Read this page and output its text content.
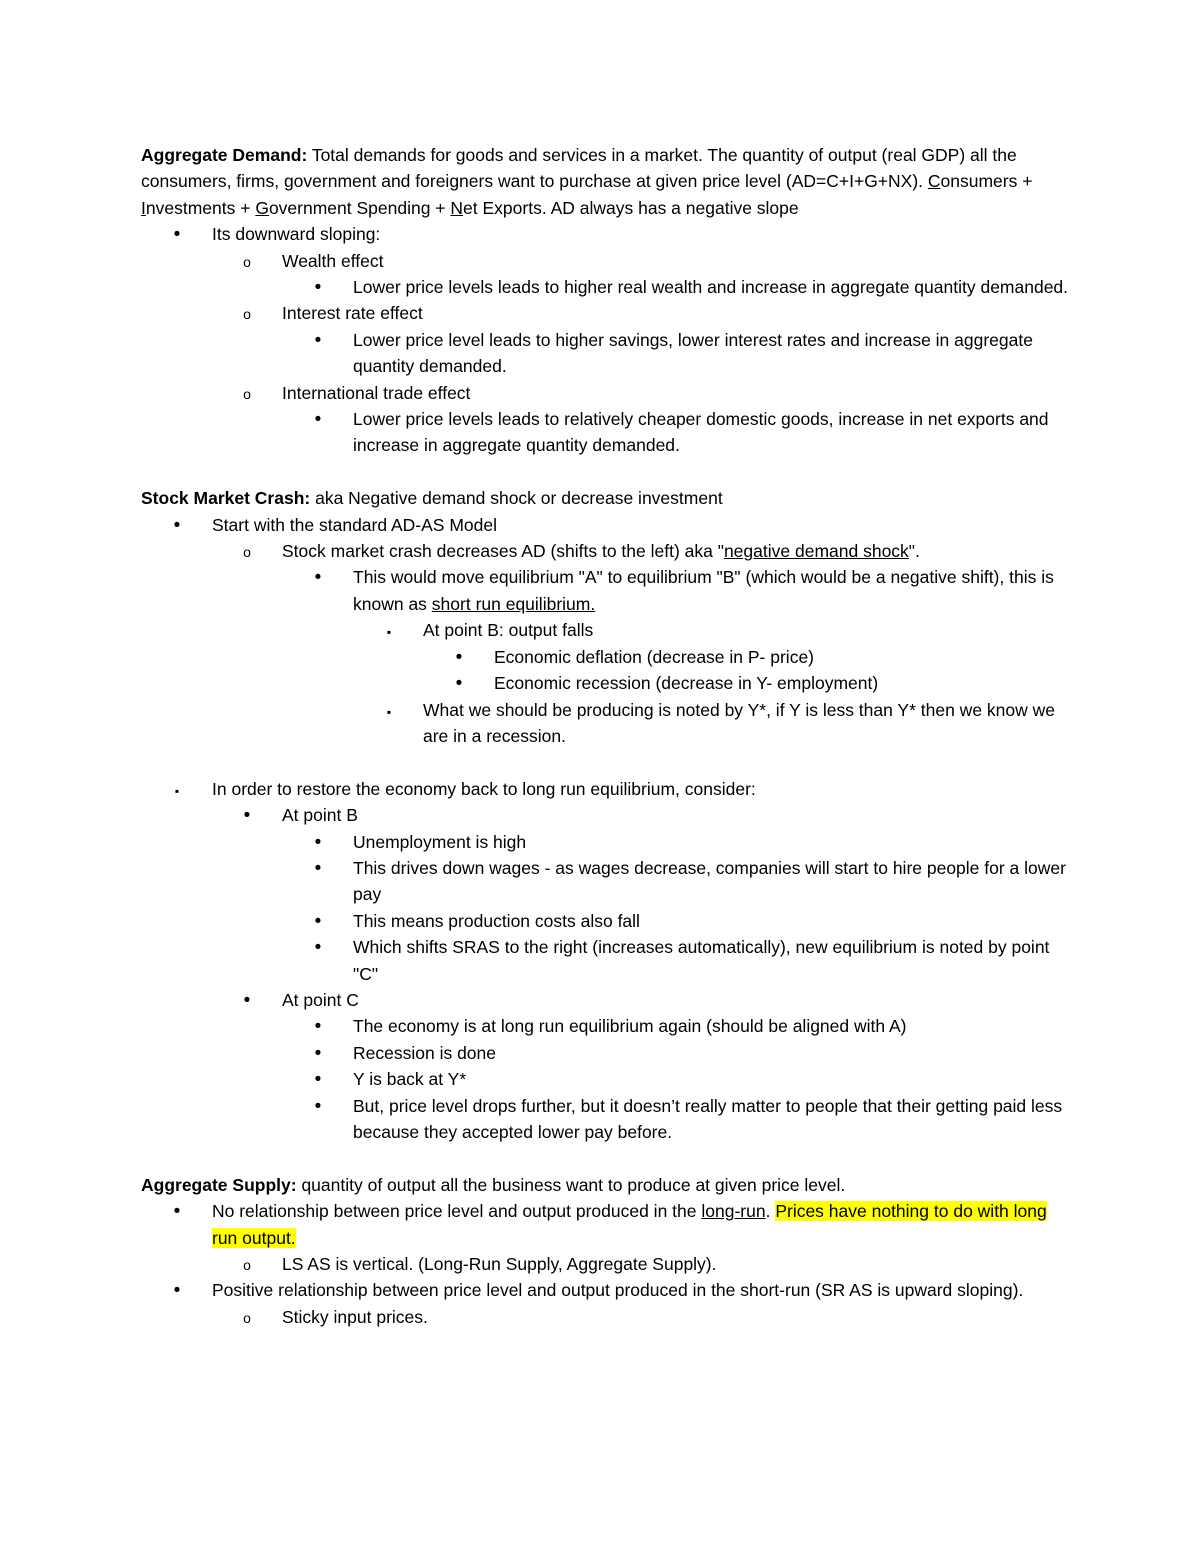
Aggregate Demand: Total demands for goods and services in a market. The quantity of output (real GDP) all the consumers, firms, government and foreigners want to purchase at given price level (AD=C+I+G+NX). Consumers + Investments + Government Spending + Net Exports. AD always has a negative slope

•
Its downward sloping:
o
Wealth effect
•
Lower price levels leads to higher real wealth and increase in aggregate quantity demanded.
o
Interest rate effect
•
Lower price level leads to higher savings, lower interest rates and increase in aggregate quantity demanded.
o
International trade effect
•
Lower price levels leads to relatively cheaper domestic goods, increase in net exports and increase in aggregate quantity demanded.

Stock Market Crash: aka Negative demand shock or decrease investment

•
Start with the standard AD-AS Model
o
Stock market crash decreases AD (shifts to the left) aka "negative demand shock".
•
This would move equilibrium "A" to equilibrium "B" (which would be a negative shift), this is known as short run equilibrium.
▪
At point B: output falls
•
Economic deflation (decrease in P- price)
•
Economic recession (decrease in Y- employment)
▪
What we should be producing is noted by Y*, if Y is less than Y* then we know we are in a recession.
▪
In order to restore the economy back to long run equilibrium, consider:
•
At point B
•
Unemployment is high
•
This drives down wages - as wages decrease, companies will start to hire people for a lower pay
•
This means production costs also fall
•
Which shifts SRAS to the right (increases automatically), new equilibrium is noted by point "C"
•
At point C
•
The economy is at long run equilibrium again (should be aligned with A)
•
Recession is done
•
Y is back at Y*
•
But, price level drops further, but it doesn’t really matter to people that their getting paid less because they accepted lower pay before.

Aggregate Supply: quantity of output all the business want to produce at given price level.

•
No relationship between price level and output produced in the long-run. Prices have nothing to do with long run output.
o
LS AS is vertical. (Long-Run Supply, Aggregate Supply).
•
Positive relationship between price level and output produced in the short-run (SR AS is upward sloping).
o
Sticky input prices.
